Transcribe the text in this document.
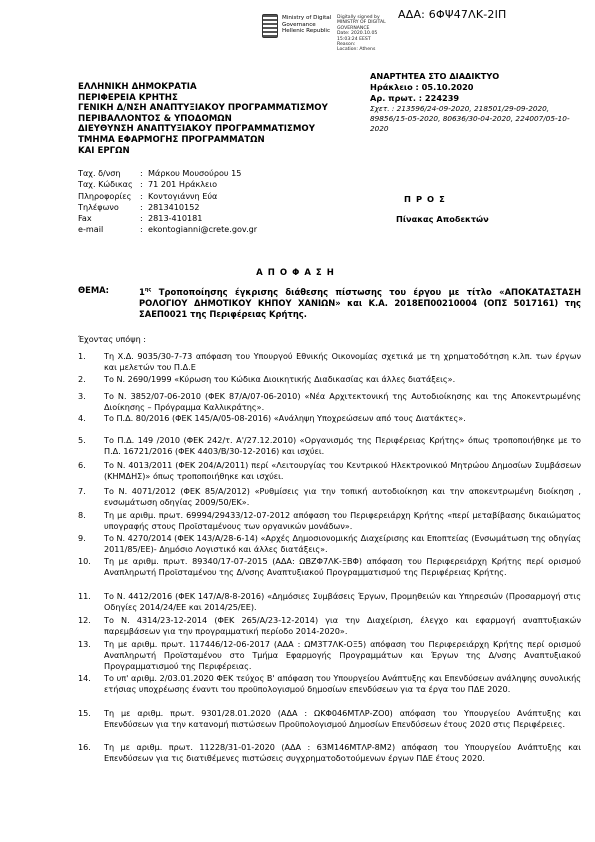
ΑΔΑ: 6ΦΨ47ΛΚ-2ΙΠ
Ministry of Digital
Governance
Hellenic Republic
Digitally signed by
MINISTRY OF DIGITAL
GOVERNANCE
Date: 2020.10.05
15:03:24 EEST
Reason:
Location: Athens
ΕΛΛΗΝΙΚΗ ΔΗΜΟΚΡΑΤΙΑ
ΠΕΡΙΦΕΡΕΙΑ ΚΡΗΤΗΣ
ΓΕΝΙΚΗ Δ/ΝΣΗ ΑΝΑΠΤΥΞΙΑΚΟΥ ΠΡΟΓΡΑΜΜΑΤΙΣΜΟΥ
ΠΕΡΙΒΑΛΛΟΝΤΟΣ & ΥΠΟΔΟΜΩΝ
ΔΙΕΥΘΥΝΣΗ ΑΝΑΠΤΥΞΙΑΚΟΥ ΠΡΟΓΡΑΜΜΑΤΙΣΜΟΥ
ΤΜΗΜΑ ΕΦΑΡΜΟΓΗΣ ΠΡΟΓΡΑΜΜΑΤΩΝ
ΚΑΙ ΕΡΓΩΝ
ΑΝΑΡΤΗΤΕΑ ΣΤΟ ΔΙΑΔΙΚΤΥΟ
Ηράκλειο : 05.10.2020
Αρ. πρωτ. : 224239
Σχετ. : 213596/24-09-2020, 218501/29-09-2020, 89856/15-05-2020, 80636/30-04-2020, 224007/05-10-2020
Ταχ. δ/νση	: Μάρκου Μουσούρου 15
Ταχ. Κώδικας : 71 201 Ηράκλειο
Πληροφορίες	: Κοντογιάννη Εύα
Τηλέφωνο	: 2813410152
Fax	: 2813-410181
e-mail	: ekontogianni@crete.gov.gr
ΠΡΟΣ
Πίνακας Αποδεκτών
ΑΠΟΦΑΣΗ
ΘΕΜΑ:	$1^{\eta\varsigma}$ Τροποποίησης έγκρισης διάθεσης πίστωσης του έργου με τίτλο «ΑΠΟΚΑΤΑΣΤΑΣΗ ΡΟΛΟΓΙΟΥ ΔΗΜΟΤΙΚΟΥ ΚΗΠΟΥ ΧΑΝΙΩΝ» και Κ.Α. 2018ΕΠ00210004 (ΟΠΣ 5017161) της ΣΑΕΠ0021 της Περιφέρειας Κρήτης.
Έχοντας υπόψη :
1.	Τη Χ.Δ. 9035/30-7-73 απόφαση του Υπουργού Εθνικής Οικονομίας σχετικά με τη χρηματοδότηση κ.λπ. των έργων και μελετών του Π.Δ.Ε
2.	Το Ν. 2690/1999 «Κύρωση του Κώδικα Διοικητικής Διαδικασίας και άλλες διατάξεις».
3.	Το Ν. 3852/07-06-2010 (ΦΕΚ 87/Α/07-06-2010) «Νέα Αρχιτεκτονική της Αυτοδιοίκησης και της Αποκεντρωμένης Διοίκησης – Πρόγραμμα Καλλικράτης».
4.	Το Π.Δ. 80/2016 (ΦΕΚ 145/Α/05-08-2016) «Ανάληψη Υποχρεώσεων από τους Διατάκτες».
5.	Το Π.Δ. 149 /2010 (ΦΕΚ 242/τ. Α'/27.12.2010) «Οργανισμός της Περιφέρειας Κρήτης» όπως τροποποιήθηκε με το Π.Δ. 16721/2016 (ΦΕΚ 4403/Β/30-12-2016) και ισχύει.
6.	Το Ν. 4013/2011 (ΦΕΚ 204/Α/2011) περί «Λειτουργίας του Κεντρικού Ηλεκτρονικού Μητρώου Δημοσίων Συμβάσεων (ΚΗΜΔΗΣ)» όπως τροποποιήθηκε και ισχύει.
7.	Το Ν. 4071/2012 (ΦΕΚ 85/Α/2012) «Ρυθμίσεις για την τοπική αυτοδιοίκηση και την αποκεντρωμένη διοίκηση , ενσωμάτωση οδηγίας 2009/50/ΕΚ».
8.	Τη με αριθμ. πρωτ. 69994/29433/12-07-2012 απόφαση του Περιφερειάρχη Κρήτης «περί μεταβίβασης δικαιώματος υπογραφής στους Προϊσταμένους των οργανικών μονάδων».
9.	Το Ν. 4270/2014 (ΦΕΚ 143/Α/28-6-14) «Αρχές Δημοσιονομικής Διαχείρισης και Εποπτείας (Ενσωμάτωση της οδηγίας 2011/85/ΕΕ)- Δημόσιο Λογιστικό και άλλες διατάξεις».
10.	Τη με αριθμ. πρωτ. 89340/17-07-2015 (ΑΔΑ: ΩΒΖΦ7ΛΚ-ΞΒΦ) απόφαση του Περιφερειάρχη Κρήτης περί ορισμού Αναπληρωτή Προϊσταμένου της Δ/νσης Αναπτυξιακού Προγραμματισμού της Περιφέρειας Κρήτης.
11.	Το Ν. 4412/2016 (ΦΕΚ 147/Α/8-8-2016) «Δημόσιες Συμβάσεις Έργων, Προμηθειών και Υπηρεσιών (Προσαρμογή στις Οδηγίες 2014/24/ΕΕ και 2014/25/ΕΕ).
12.	Το Ν. 4314/23-12-2014 (ΦΕΚ 265/Α/23-12-2014) για την Διαχείριση, έλεγχο και εφαρμογή αναπτυξιακών παρεμβάσεων για την προγραμματική περίοδο 2014-2020».
13.	Τη με αριθμ. πρωτ. 117446/12-06-2017 (ΑΔΑ : ΩΜ3Τ7ΛΚ-ΟΞ5) απόφαση του Περιφερειάρχη Κρήτης περί ορισμού Αναπληρωτή Προϊσταμένου στο Τμήμα Εφαρμογής Προγραμμάτων και Έργων της Δ/νσης Αναπτυξιακού Προγραμματισμού της Περιφέρειας.
14.	Το υπ' αριθμ. 2/03.01.2020 ΦΕΚ τεύχος Β' απόφαση του Υπουργείου Ανάπτυξης και Επενδύσεων ανάληψης συνολικής ετήσιας υποχρέωσης έναντι του προϋπολογισμού δημοσίων επενδύσεων για τα έργα του ΠΔΕ 2020.
15.	Τη με αριθμ. πρωτ. 9301/28.01.2020 (ΑΔΑ : ΩΚΦ046ΜΤΛΡ-ΖΟ0) απόφαση του Υπουργείου Ανάπτυξης και Επενδύσεων για την κατανομή πιστώσεων Προϋπολογισμού Δημοσίων Επενδύσεων έτους 2020 στις Περιφέρειες.
16.	Τη με αριθμ. πρωτ. 11228/31-01-2020 (ΑΔΑ : 63Μ146ΜΤΛΡ-8Μ2) απόφαση του Υπουργείου Ανάπτυξης και Επενδύσεων για τις διατιθέμενες πιστώσεις συγχρηματοδοτούμενων έργων ΠΔΕ έτους 2020.
